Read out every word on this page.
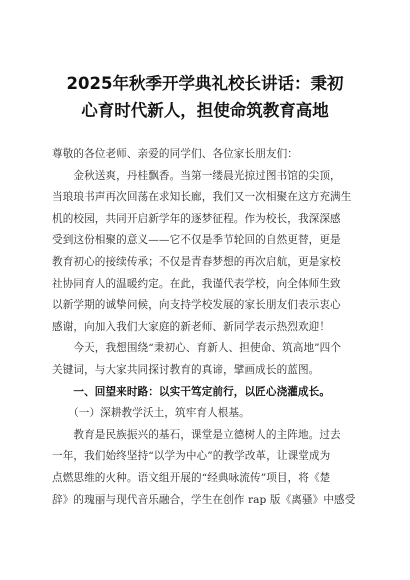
2025年秋季开学典礼校长讲话：秉初
心育时代新人，担使命筑教育高地
尊敬的各位老师、亲爱的同学们、各位家长朋友们：
　　金秋送爽，丹桂飘香。当第一缕晨光掠过图书馆的尖顶，
当琅琅书声再次回荡在求知长廊，我们又一次相聚在这方充满生
机的校园，共同开启新学年的逐梦征程。作为校长，我深深感
受到这份相聚的意义——它不仅是季节轮回的自然更替，更是
教育初心的接续传承；不仅是青春梦想的再次启航，更是家校
社协同育人的温暖约定。在此，我谨代表学校，向全体师生致
以新学期的诚挚问候，向支持学校发展的家长朋友们表示衷心
感谢，向加入我们大家庭的新老师、新同学表示热烈欢迎！
　　今天，我想围绕“秉初心、育新人、担使命、筑高地”四个
关键词，与大家共同探讨教育的真谛，擘画成长的蓝图。
　　一、回望来时路：以实干笃定前行，以匠心浇灌成长。
　　（一）深耕教学沃土，筑牢育人根基。
　　教育是民族振兴的基石，课堂是立德树人的主阵地。过去
一年，我们始终坚持“以学为中心”的教学改革，让课堂成为
点燃思维的火种。语文组开展的“经典咏流传”项目，将《楚
辞》的瑰丽与现代音乐融合，学生在创作 rap 版《离骚》中感受
